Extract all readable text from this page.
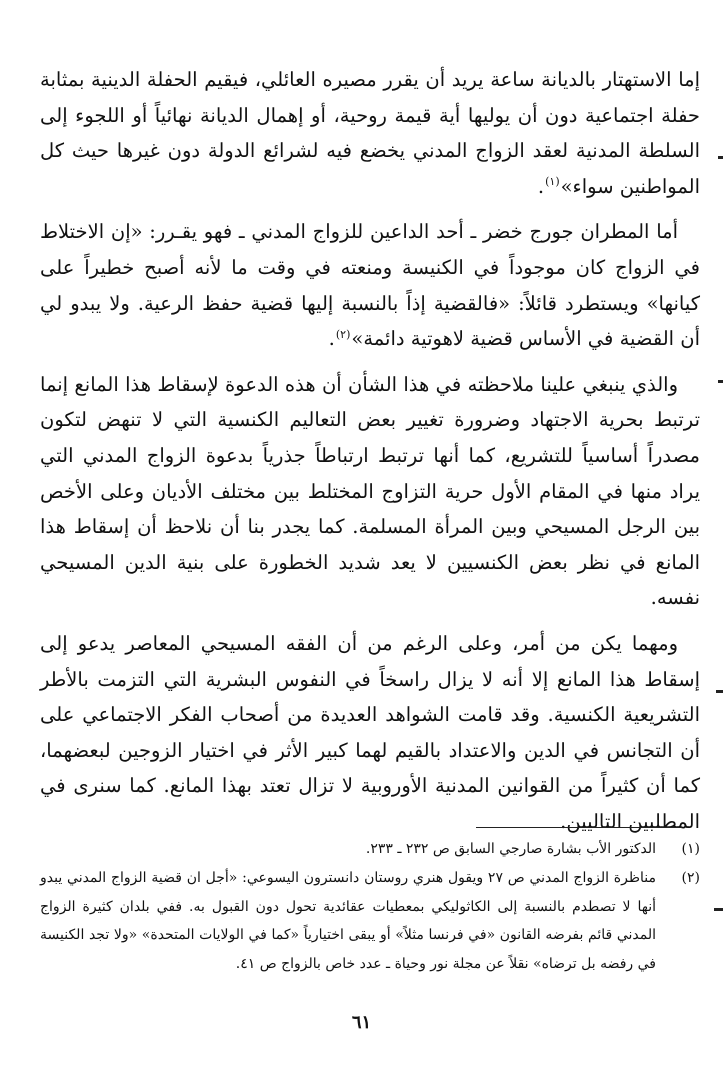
إما الاستهتار بالديانة ساعة يريد أن يقرر مصيره العائلي، فيقيم الحفلة الدينية بمثابة حفلة اجتماعية دون أن يوليها أية قيمة روحية، أو إهمال الديانة نهائياً أو اللجوء إلى السلطة المدنية لعقد الزواج المدني يخضع فيه لشرائع الدولة دون غيرها حيث كل المواطنين سواء»$^{(١)}$.

أما المطران جورج خضر ـ أحد الداعين للزواج المدني ـ فهو يقـرر: «إن الاختلاط في الزواج كان موجوداً في الكنيسة ومنعته في وقت ما لأنه أصبح خطيراً على كيانها» ويستطرد قائلاً: «فالقضية إذاً بالنسبة إليها قضية حفظ الرعية. ولا يبدو لي أن القضية في الأساس قضية لاهوتية دائمة»$^{(٢)}$.

والذي ينبغي علينا ملاحظته في هذا الشأن أن هذه الدعوة لإسقاط هذا المانع إنما ترتبط بحرية الاجتهاد وضرورة تغيير بعض التعاليم الكنسية التي لا تنهض لتكون مصدراً أساسياً للتشريع، كما أنها ترتبط ارتباطاً جذرياً بدعوة الزواج المدني التي يراد منها في المقام الأول حرية التزاوج المختلط بين مختلف الأديان وعلى الأخص بين الرجل المسيحي وبين المرأة المسلمة. كما يجدر بنا أن نلاحظ أن إسقاط هذا المانع في نظر بعض الكنسيين لا يعد شديد الخطورة على بنية الدين المسيحي نفسه.

ومهما يكن من أمر، وعلى الرغم من أن الفقه المسيحي المعاصر يدعو إلى إسقاط هذا المانع إلا أنه لا يزال راسخاً في النفوس البشرية التي التزمت بالأطر التشريعية الكنسية. وقد قامت الشواهد العديدة من أصحاب الفكر الاجتماعي على أن التجانس في الدين والاعتداد بالقيم لهما كبير الأثر في اختيار الزوجين لبعضهما، كما أن كثيراً من القوانين المدنية الأوروبية لا تزال تعتد بهذا المانع. كما سنرى في المطلبين التاليين.

(١)
الدكتور الأب بشارة صارجي السابق ص ٢٣٢ ـ ٢٣٣.
(٢)
مناظرة الزواج المدني ص ٢٧ ويقول هنري روستان دانسترون اليسوعي: «أجل ان قضية الزواج المدني يبدو أنها لا تصطدم بالنسبة إلى الكاثوليكي بمعطيات عقائدية تحول دون القبول به. ففي بلدان كثيرة الزواج المدني قائم بفرضه القانون «في فرنسا مثلاً» أو يبقى اختيارياً «كما في الولايات المتحدة» «ولا تجد الكنيسة في رفضه بل ترضاه» نقلاً عن مجلة نور وحياة ـ عدد خاص بالزواج ص ٤١.
٦١
